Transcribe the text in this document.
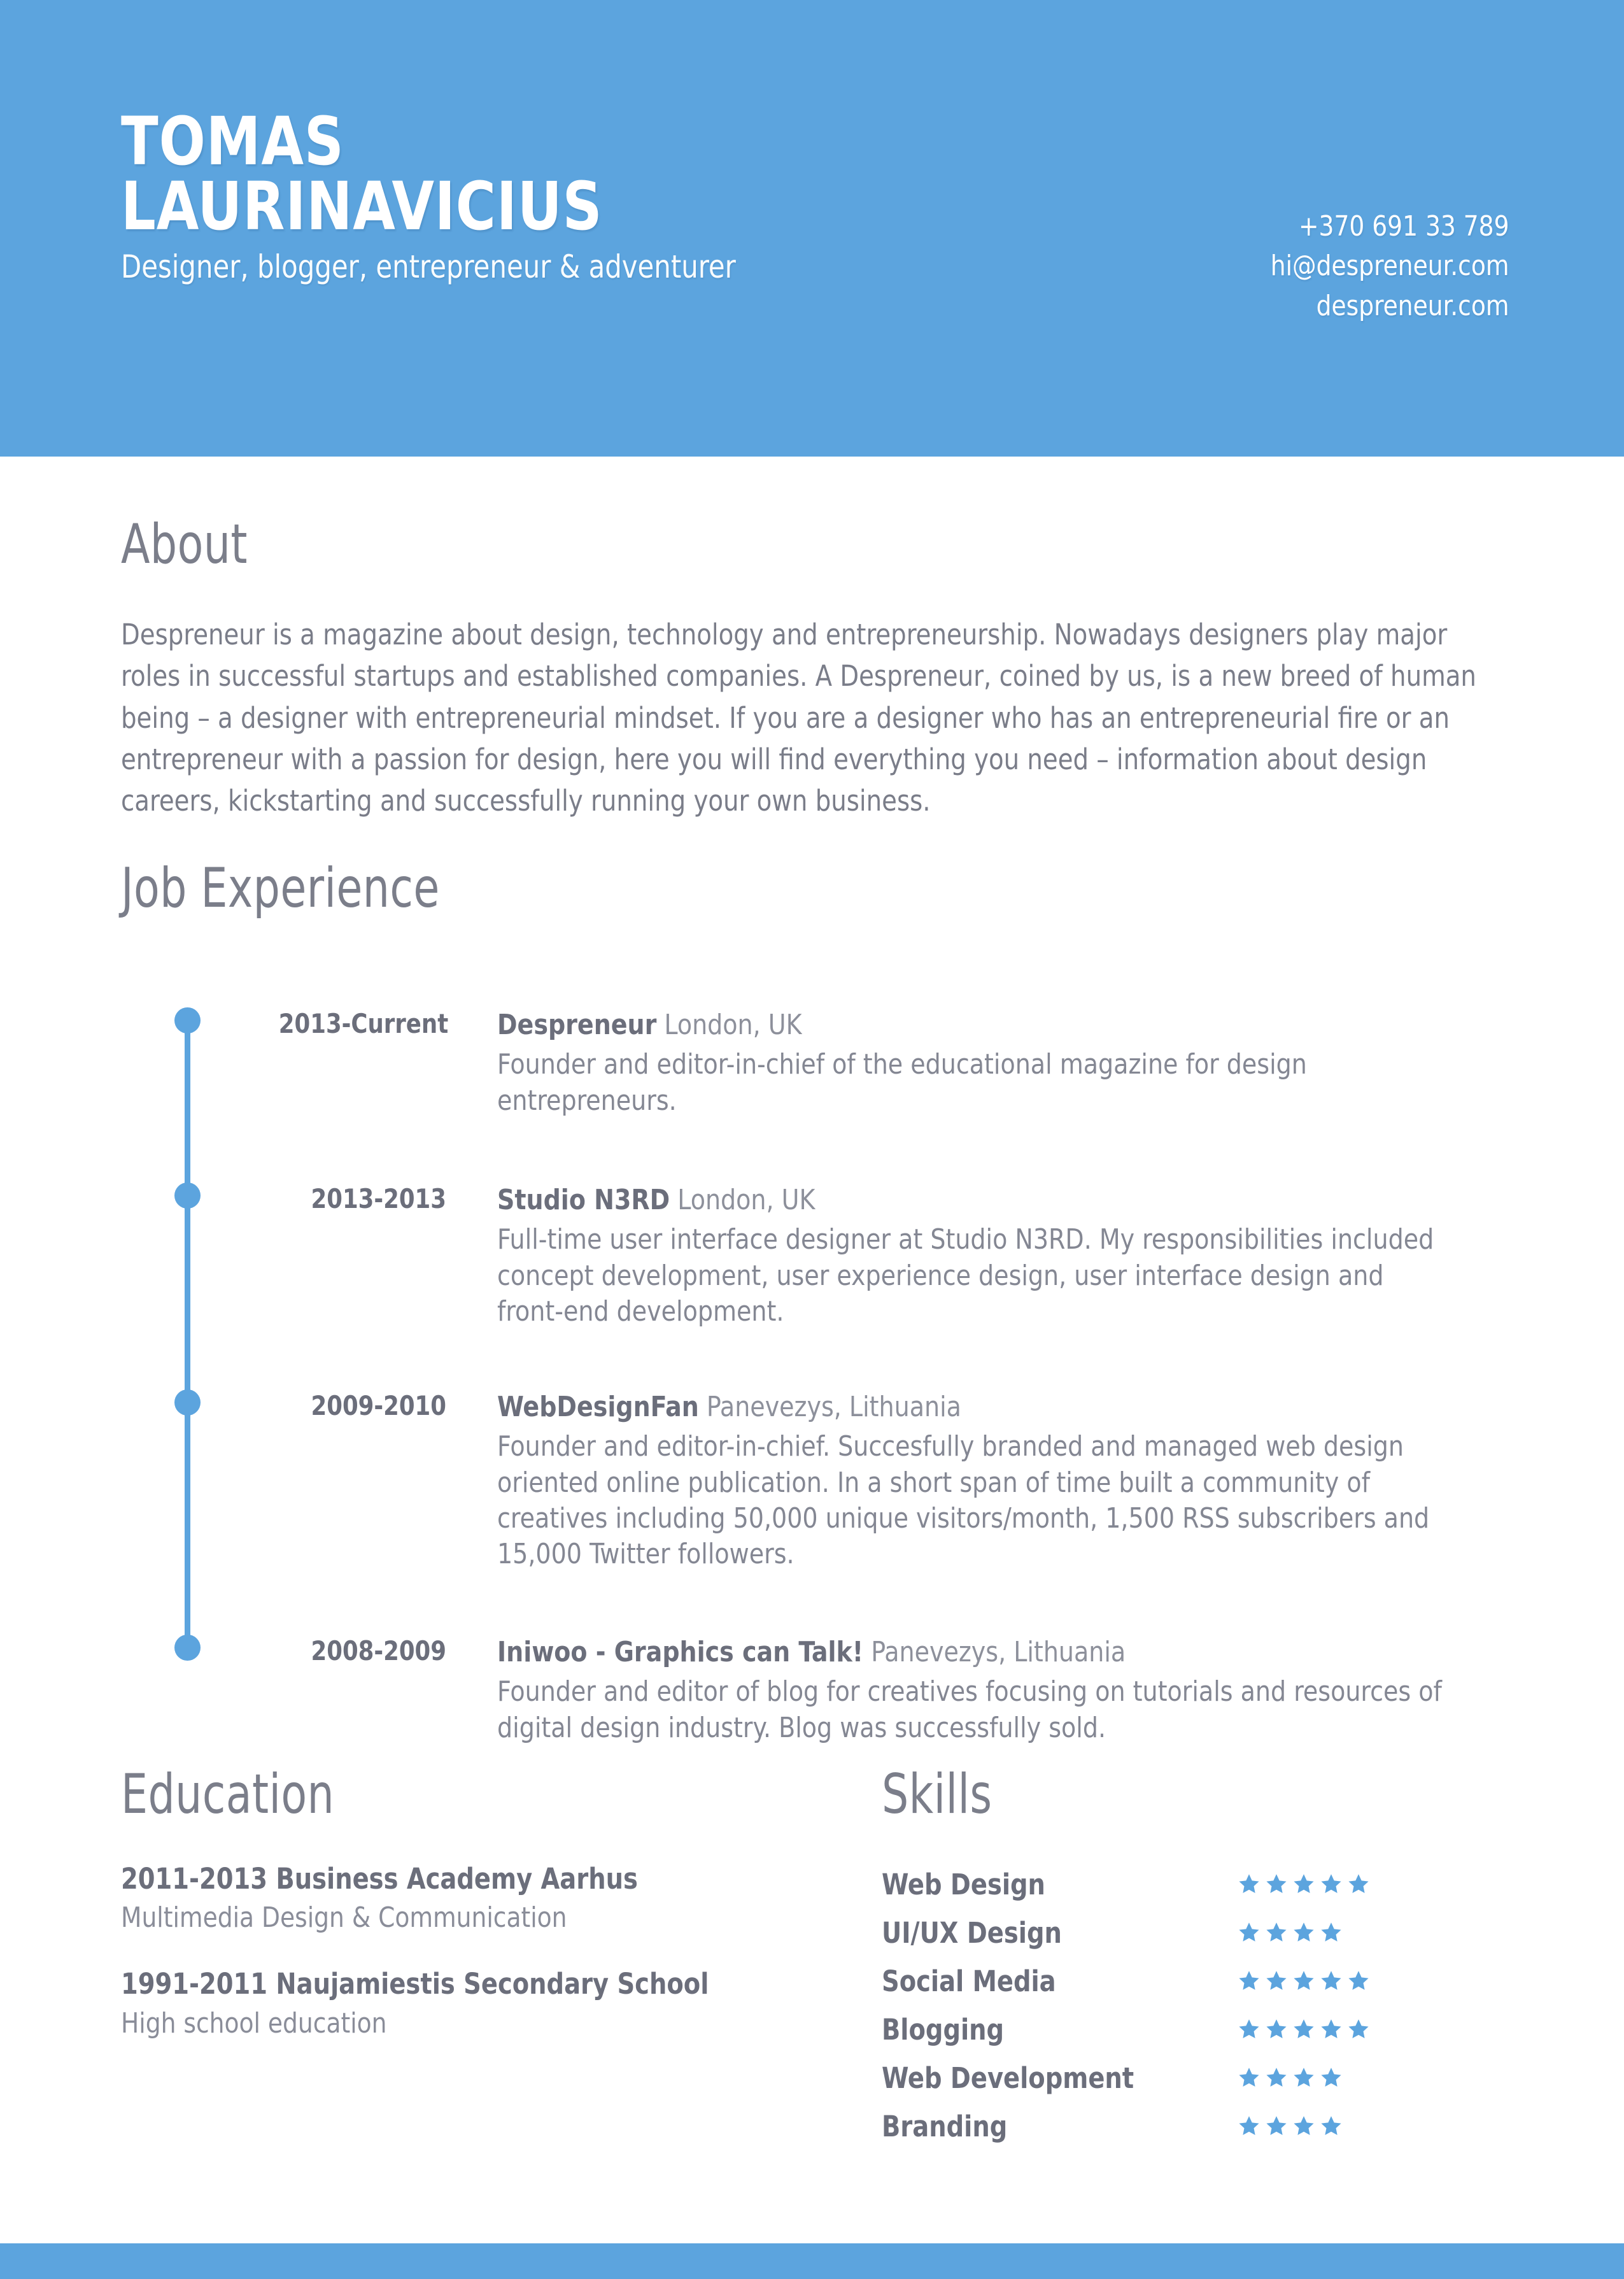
TOMAS
LAURINAVICIUS
Designer, blogger, entrepreneur & adventurer
+370 691 33 789
hi@despreneur.com
despreneur.com
About
Despreneur is a magazine about design, technology and entrepreneurship. Nowadays designers play major roles in successful startups and established companies. A Despreneur, coined by us, is a new breed of human being – a designer with entrepreneurial mindset. If you are a designer who has an entrepreneurial fire or an entrepreneur with a passion for design, here you will find everything you need – information about design careers, kickstarting and successfully running your own business.
Job Experience
2013-Current Despreneur London, UK
Founder and editor-in-chief of the educational magazine for design entrepreneurs.
2013-2013 Studio N3RD London, UK
Full-time user interface designer at Studio N3RD. My responsibilities included concept development, user experience design, user interface design and front-end development.
2009-2010 WebDesignFan Panevezys, Lithuania
Founder and editor-in-chief. Succesfully branded and managed web design oriented online publication. In a short span of time built a community of creatives including 50,000 unique visitors/month, 1,500 RSS subscribers and 15,000 Twitter followers.
2008-2009 Iniwoo - Graphics can Talk! Panevezys, Lithuania
Founder and editor of blog for creatives focusing on tutorials and resources of digital design industry. Blog was successfully sold.
Education
2011-2013 Business Academy Aarhus
Multimedia Design & Communication
1991-2011 Naujamiestis Secondary School
High school education
Skills
Web Design
UI/UX Design
Social Media
Blogging
Web Development
Branding
